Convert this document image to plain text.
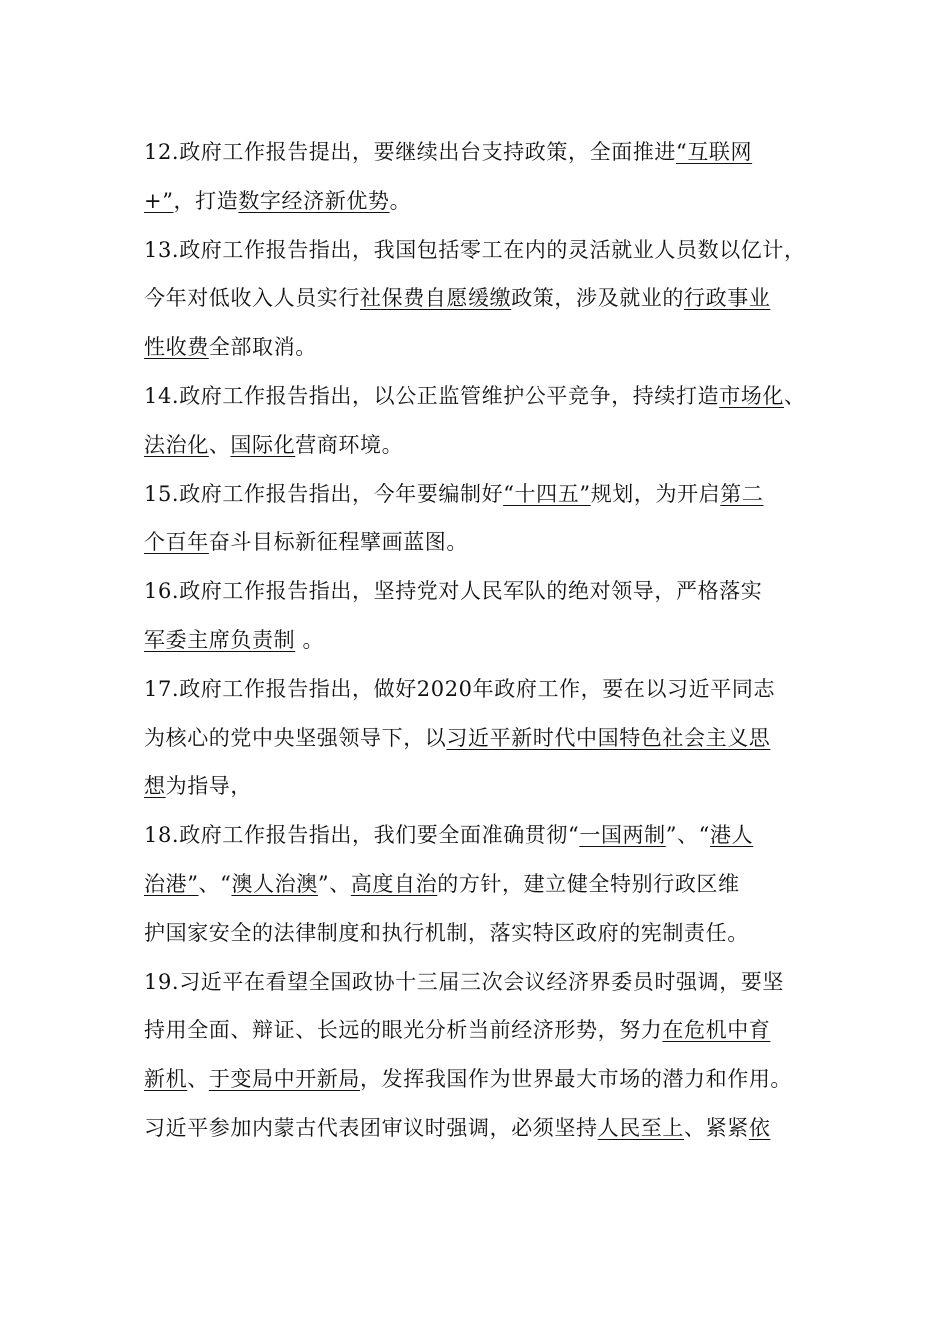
12.政府工作报告提出，要继续出台支持政策，全面推进“互联网
+”，打造数字经济新优势。
13.政府工作报告指出，我国包括零工在内的灵活就业人员数以亿计，
今年对低收入人员实行社保费自愿缓缴政策，涉及就业的行政事业
性收费全部取消。
14.政府工作报告指出，以公正监管维护公平竞争，持续打造市场化、
法治化、国际化营商环境。
15.政府工作报告指出，今年要编制好“十四五”规划，为开启第二
个百年奋斗目标新征程擘画蓝图。
16.政府工作报告指出，坚持党对人民军队的绝对领导，严格落实
军委主席负责制 。
17.政府工作报告指出，做好2020年政府工作，要在以习近平同志
为核心的党中央坚强领导下，以习近平新时代中国特色社会主义思
想为指导，
18.政府工作报告指出，我们要全面准确贯彻“一国两制”、“港人
治港”、“澳人治澳”、高度自治的方针，建立健全特别行政区维
护国家安全的法律制度和执行机制，落实特区政府的宪制责任。
19.习近平在看望全国政协十三届三次会议经济界委员时强调，要坚
持用全面、辩证、长远的眼光分析当前经济形势，努力在危机中育
新机、于变局中开新局，发挥我国作为世界最大市场的潜力和作用。
习近平参加内蒙古代表团审议时强调，必须坚持人民至上、紧紧依
